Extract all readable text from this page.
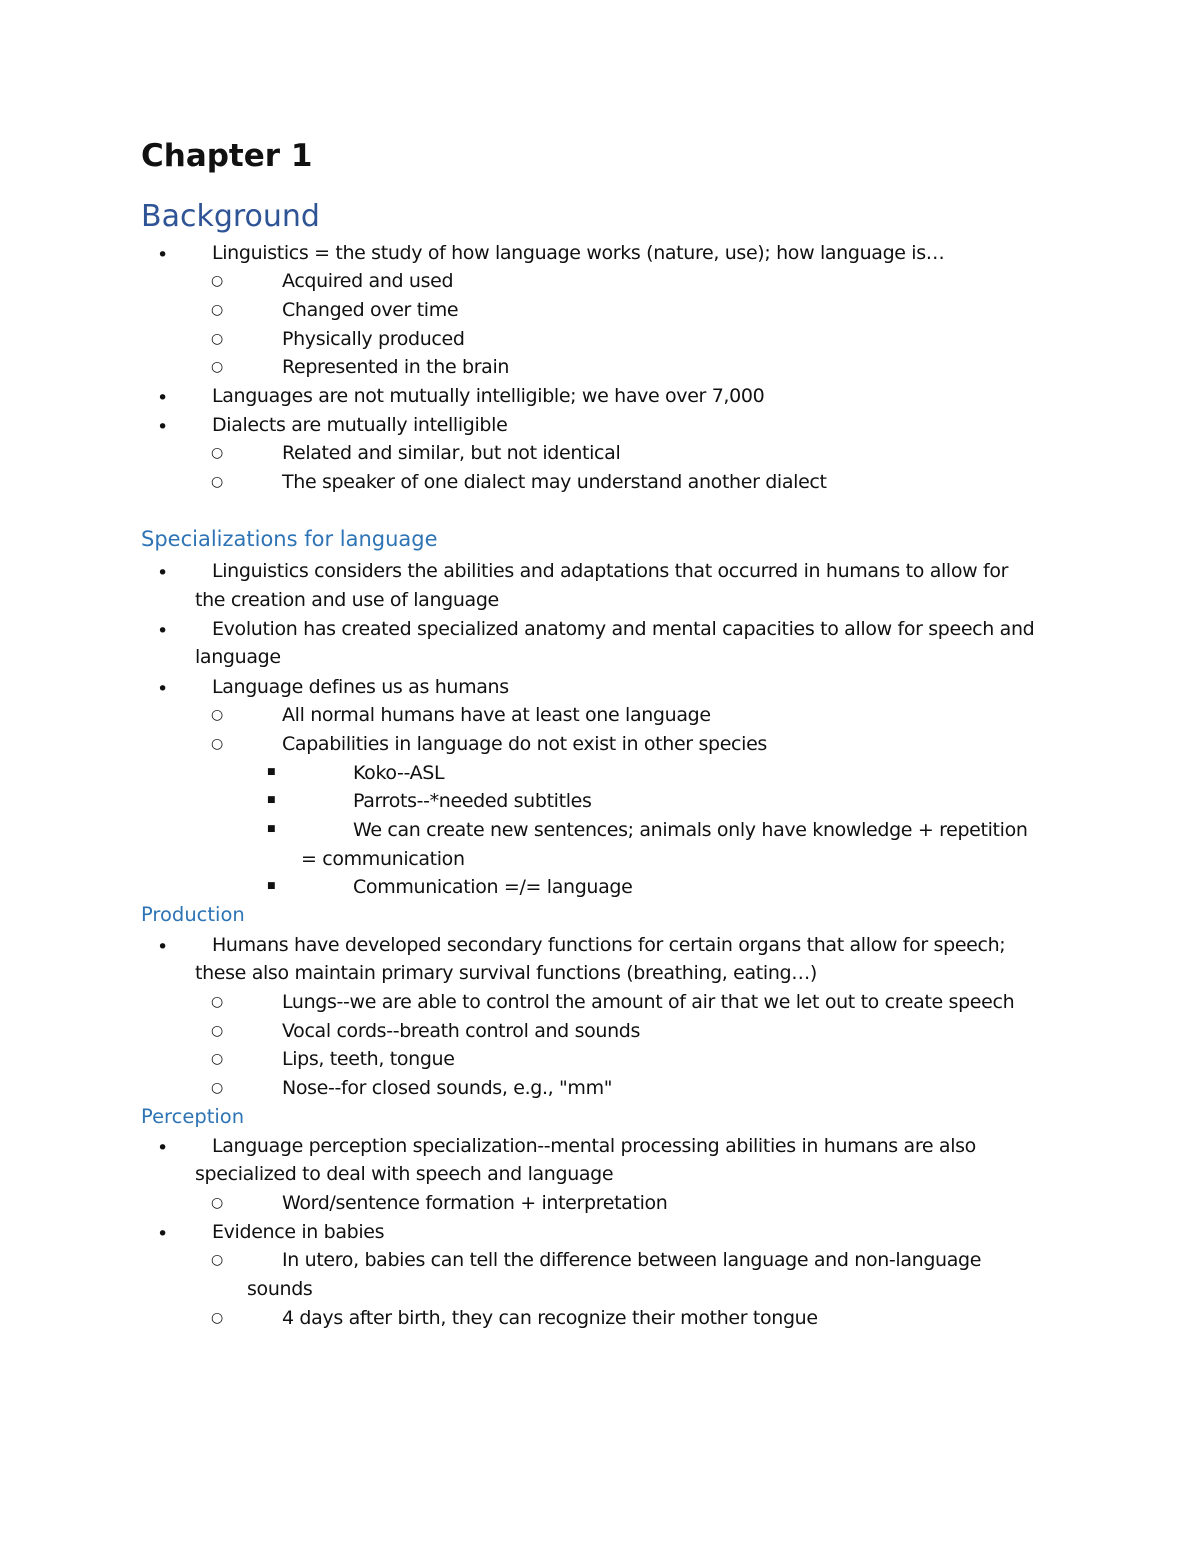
Chapter 1
Background
• Linguistics = the study of how language works (nature, use); how language is…
○	Acquired and used
○	Changed over time
○	Physically produced
○	Represented in the brain
• Languages are not mutually intelligible; we have over 7,000
• Dialects are mutually intelligible
○	Related and similar, but not identical
○	The speaker of one dialect may understand another dialect
Specializations for language
• Linguistics considers the abilities and adaptations that occurred in humans to allow for
the creation and use of language
• Evolution has created specialized anatomy and mental capacities to allow for speech and
language
• Language defines us as humans
○	All normal humans have at least one language
○	Capabilities in language do not exist in other species
■	Koko--ASL
■	Parrots--*needed subtitles
■	We can create new sentences; animals only have knowledge + repetition
= communication
■	Communication =/= language
Production
• Humans have developed secondary functions for certain organs that allow for speech;
these also maintain primary survival functions (breathing, eating…)
○	Lungs--we are able to control the amount of air that we let out to create speech
○	Vocal cords--breath control and sounds
○	Lips, teeth, tongue
○	Nose--for closed sounds, e.g., "mm"
Perception
• Language perception specialization--mental processing abilities in humans are also
specialized to deal with speech and language
○	Word/sentence formation + interpretation
• Evidence in babies
○	In utero, babies can tell the difference between language and non-language
sounds
○	4 days after birth, they can recognize their mother tongue
